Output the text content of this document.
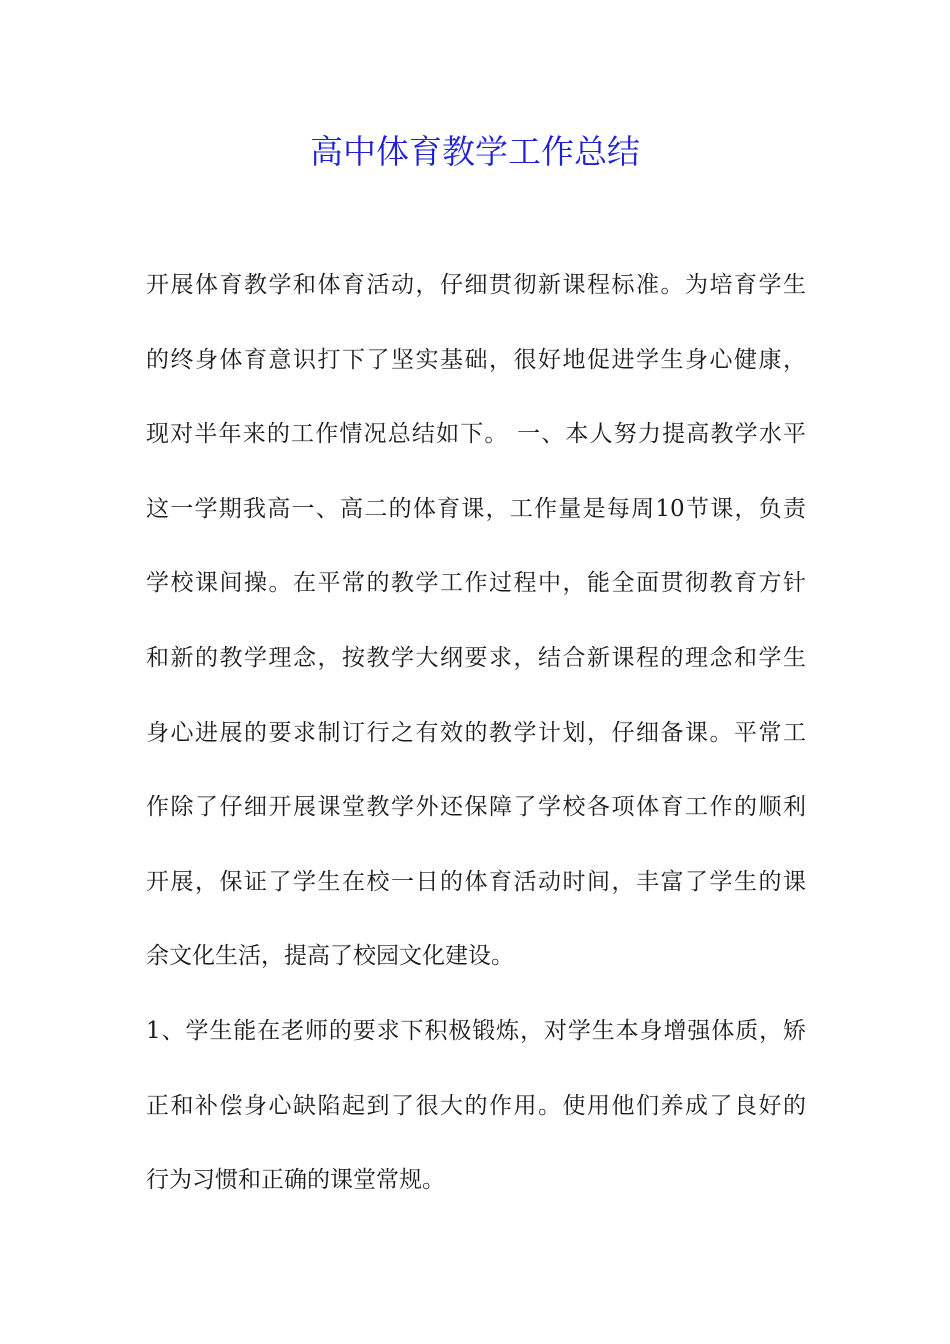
高中体育教学工作总结
开展体育教学和体育活动，仔细贯彻新课程标准。为培育学生
的终身体育意识打下了坚实基础，很好地促进学生身心健康，
现对半年来的工作情况总结如下。 一、本人努力提高教学水平
这一学期我高一、高二的体育课，工作量是每周10节课，负责
学校课间操。在平常的教学工作过程中，能全面贯彻教育方针
和新的教学理念，按教学大纲要求，结合新课程的理念和学生
身心进展的要求制订行之有效的教学计划，仔细备课。平常工
作除了仔细开展课堂教学外还保障了学校各项体育工作的顺利
开展，保证了学生在校一日的体育活动时间，丰富了学生的课
余文化生活，提高了校园文化建设。
1、学生能在老师的要求下积极锻炼，对学生本身增强体质，矫
正和补偿身心缺陷起到了很大的作用。使用他们养成了良好的
行为习惯和正确的课堂常规。
